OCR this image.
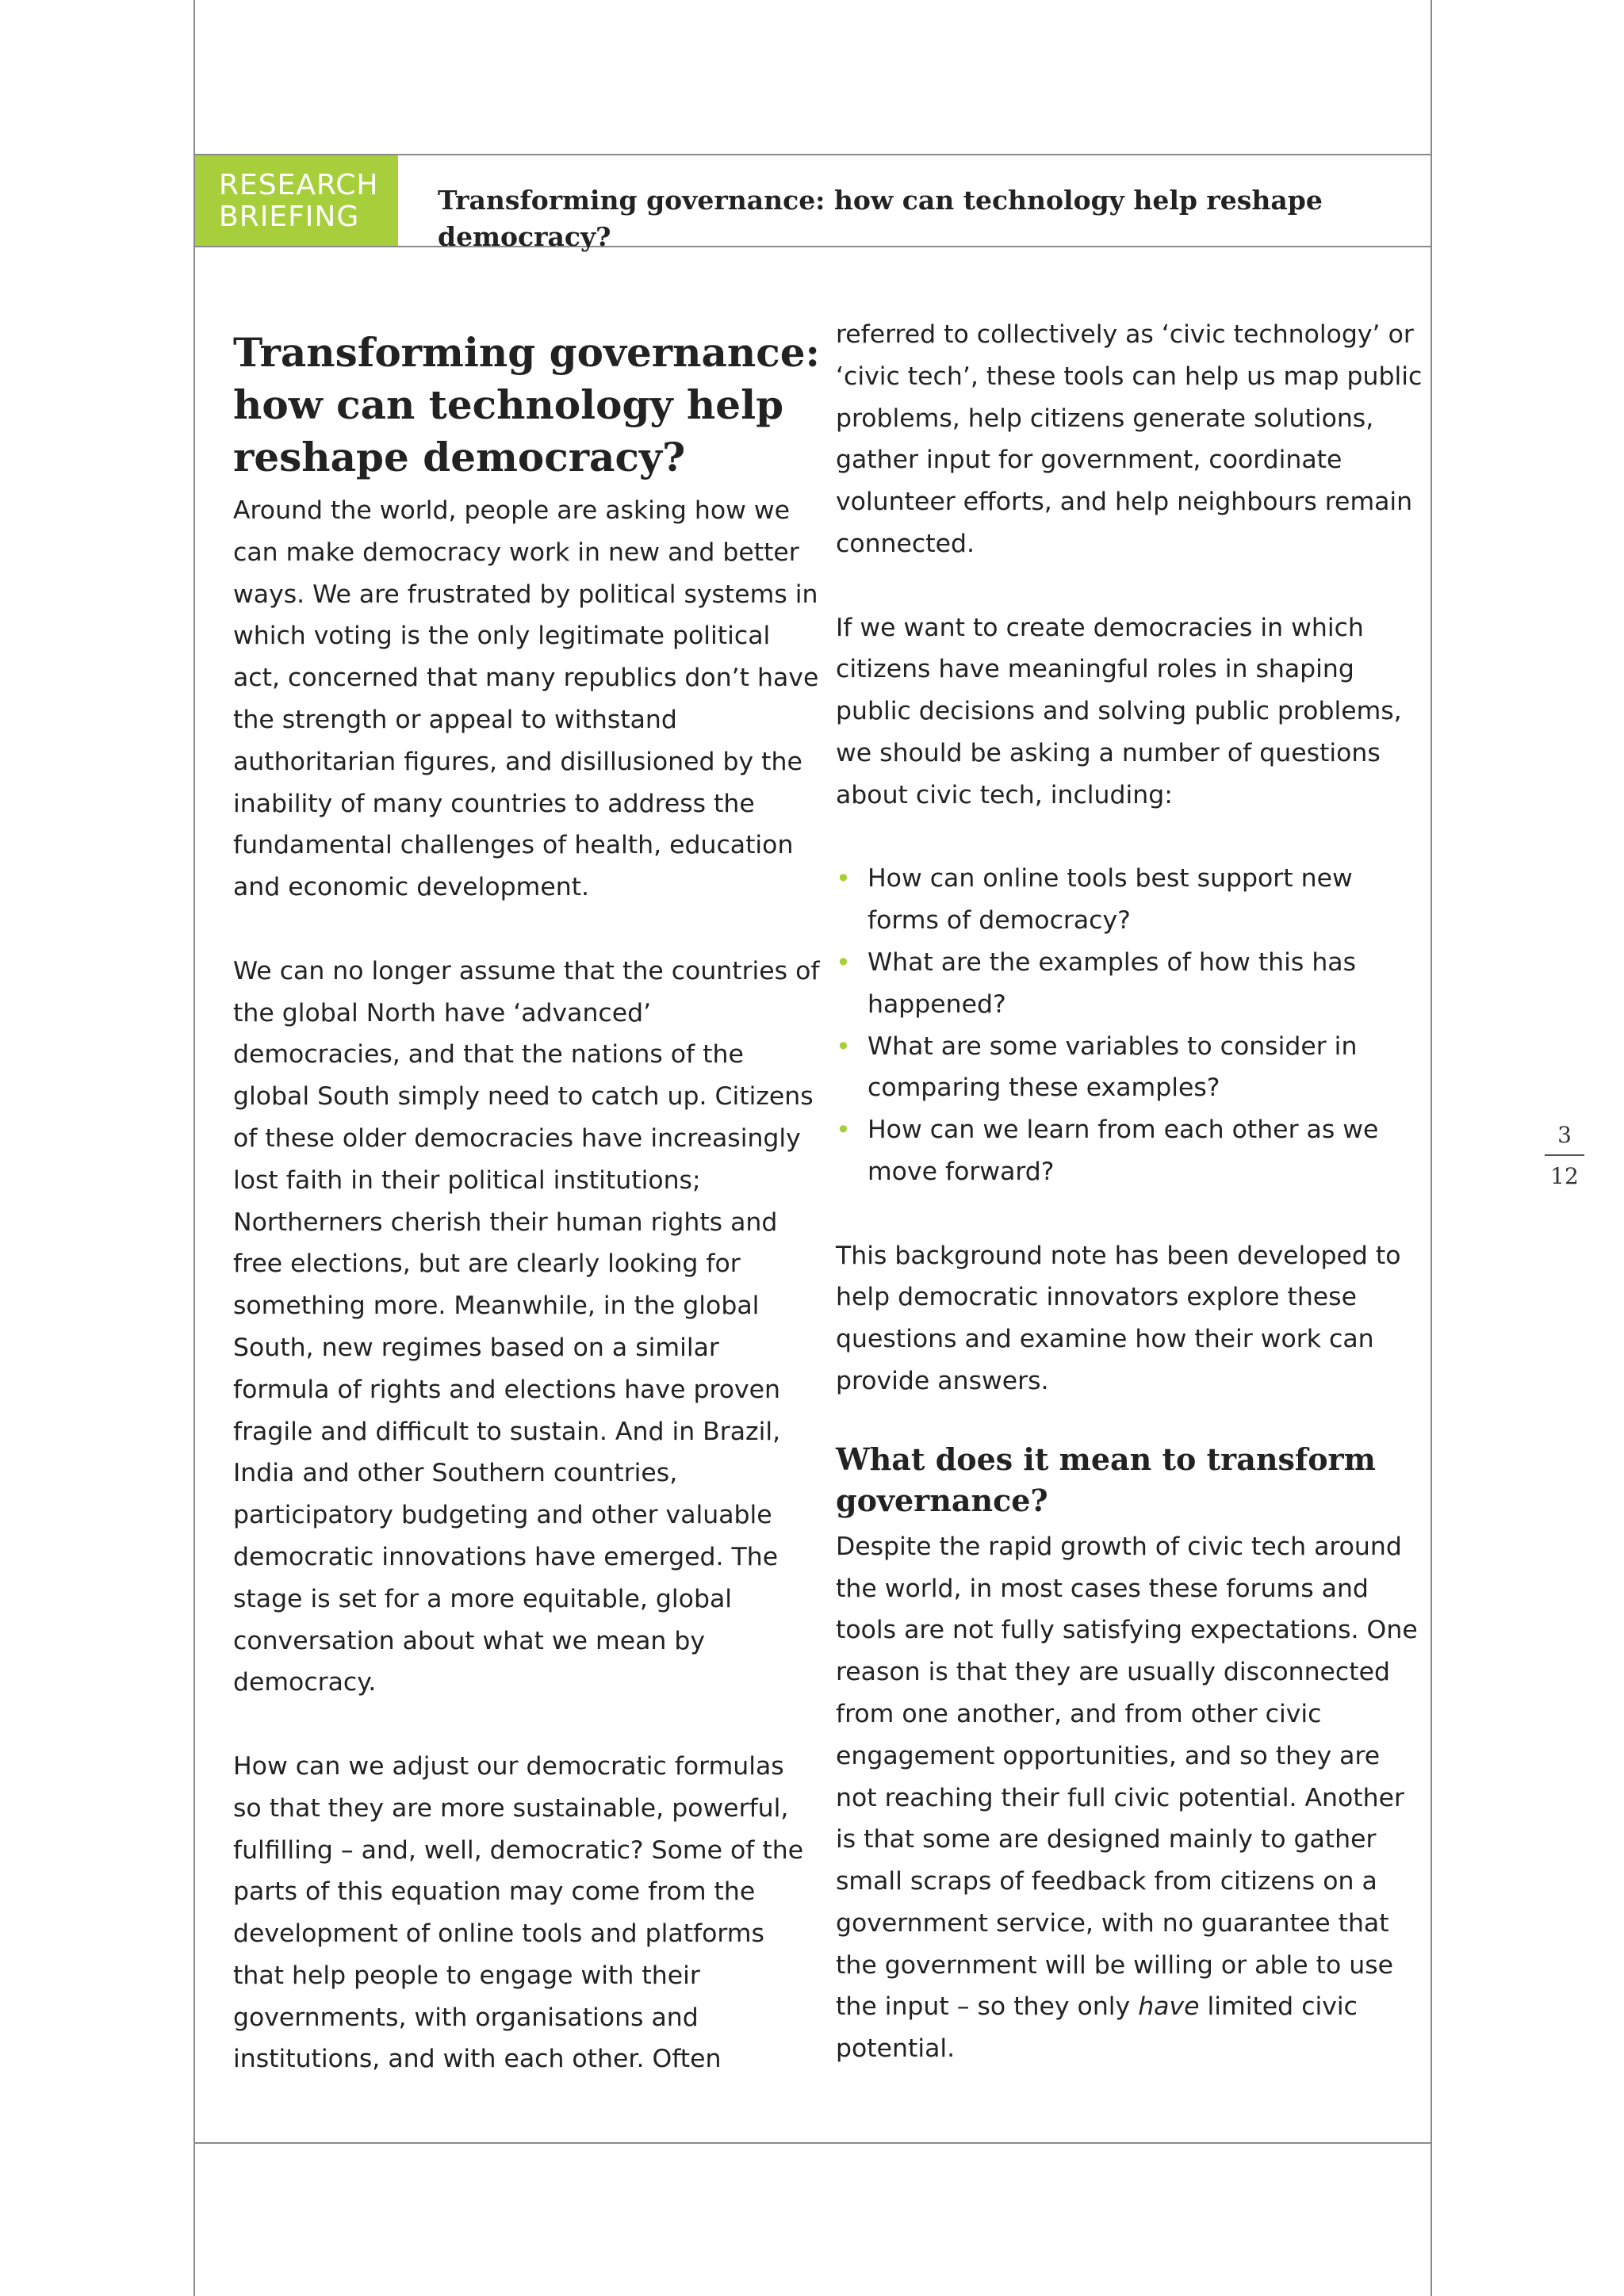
RESEARCH
BRIEFING
Transforming governance: how can technology help reshape democracy?
Transforming governance: how can technology help reshape democracy?

Around the world, people are asking how we can make democracy work in new and better ways. We are frustrated by political systems in which voting is the only legitimate political act, concerned that many republics don’t have the strength or appeal to withstand authoritarian figures, and disillusioned by the inability of many countries to address the fundamental challenges of health, education and economic development.

We can no longer assume that the countries of the global North have ‘advanced’ democracies, and that the nations of the global South simply need to catch up. Citizens of these older democracies have increasingly lost faith in their political institutions; Northerners cherish their human rights and free elections, but are clearly looking for something more. Meanwhile, in the global South, new regimes based on a similar formula of rights and elections have proven fragile and difficult to sustain. And in Brazil, India and other Southern countries, participatory budgeting and other valuable democratic innovations have emerged. The stage is set for a more equitable, global conversation about what we mean by democracy.

How can we adjust our democratic formulas so that they are more sustainable, powerful, fulfilling – and, well, democratic? Some of the parts of this equation may come from the development of online tools and platforms that help people to engage with their governments, with organisations and institutions, and with each other. Often

referred to collectively as ‘civic technology’ or ‘civic tech’, these tools can help us map public problems, help citizens generate solutions, gather input for government, coordinate volunteer efforts, and help neighbours remain connected.

If we want to create democracies in which citizens have meaningful roles in shaping public decisions and solving public problems, we should be asking a number of questions about civic tech, including:

• How can online tools best support new forms of democracy?
• What are the examples of how this has happened?
• What are some variables to consider in comparing these examples?
• How can we learn from each other as we move forward?

This background note has been developed to help democratic innovators explore these questions and examine how their work can provide answers.

What does it mean to transform governance?

Despite the rapid growth of civic tech around the world, in most cases these forums and tools are not fully satisfying expectations. One reason is that they are usually disconnected from one another, and from other civic engagement opportunities, and so they are not reaching their full civic potential. Another is that some are designed mainly to gather small scraps of feedback from citizens on a government service, with no guarantee that the government will be willing or able to use the input – so they only have limited civic potential.

3
12
